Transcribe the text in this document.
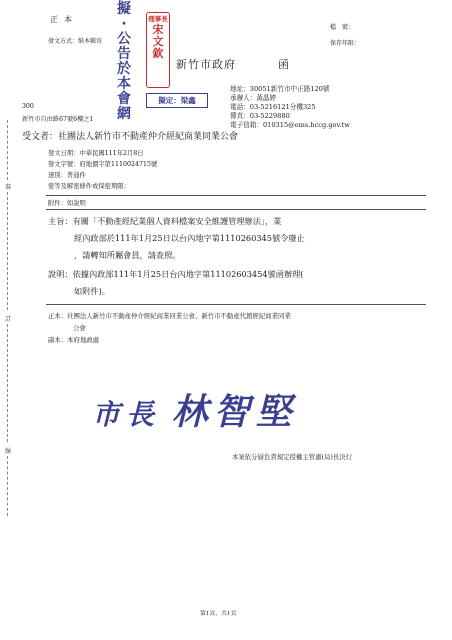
正本
發文方式：紙本郵寄
檔　號：
保存年限：
擬
·
公
告
於
本
會
網
理事長
宋
文
欽
擬定：梁鑫
新竹市政府	函
地址：30051新竹市中正路120號
承辦人：黃晶婷
電話：03-5216121分機325
傳真：03-5229880
電子信箱：010315@ems.hccg.gov.tw
300
新竹市自由路67號6樓之1
受文者：社團法人新竹市不動產仲介經紀商業同業公會
發文日期：中華民國111年2月8日
發文字號：府地價字第1110024715號
速別：普通件
密等及解密條件或保密期限：
附件：如說明
主旨：有關「不動產經紀業個人資料檔案安全維護管理辦法」，業
經內政部於111年1月25日以台內地字第1110260345號令廢止
，請轉知所屬會員，請查照。
說明：依據內政部111年1月25日台內地字第11102603454號函辦理(
如附件)。
正本：社團法人新竹市不動產仲介經紀商業同業公會、新竹市不動產代銷經紀商業同業
公會
副本：本府地政處
市長 林智堅
本案依分層負責規定授權主管處(局)長決行
裝
訂
線
第1頁，共1頁
